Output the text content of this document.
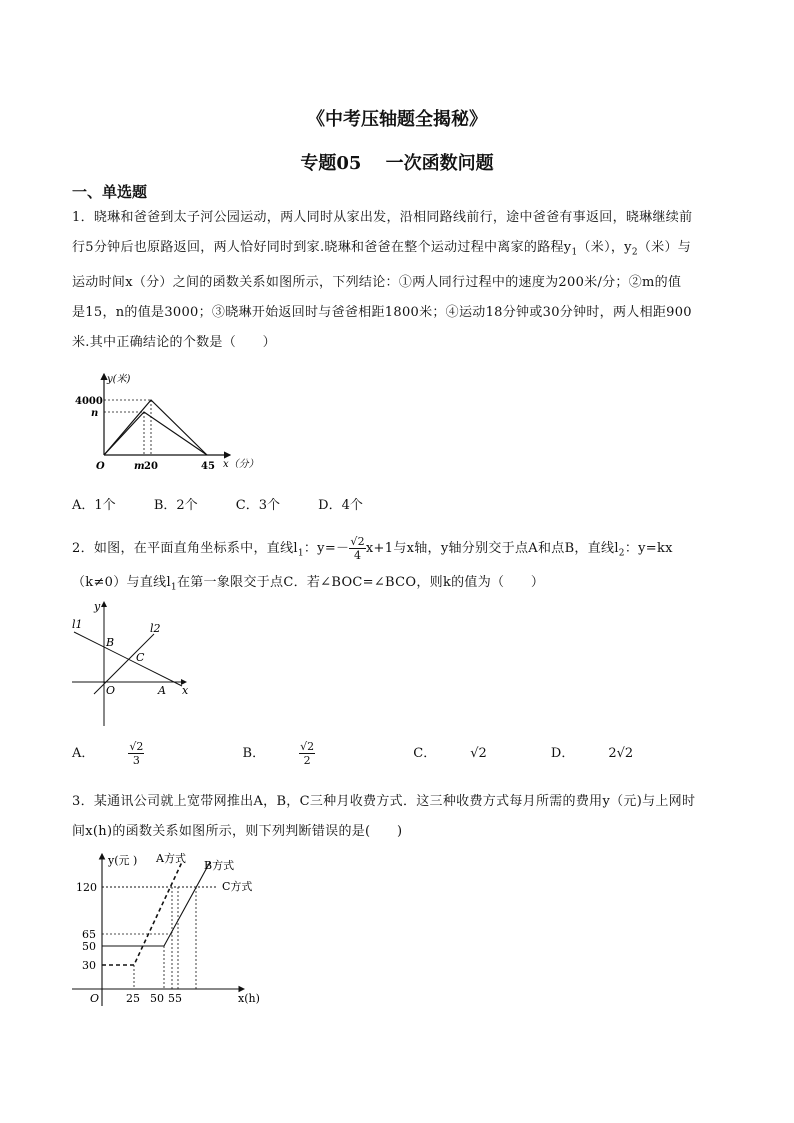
《中考压轴题全揭秘》
专题05　 一次函数问题
一、单选题
1．晓琳和爸爸到太子河公园运动，两人同时从家出发，沿相同路线前行，途中爸爸有事返回，晓琳继续前
行5分钟后也原路返回，两人恰好同时到家.晓琳和爸爸在整个运动过程中离家的路程$y_1$（米），$y_2$（米）与
运动时间x（分）之间的函数关系如图所示，下列结论：①两人同行过程中的速度为200米/分；②m的值
是15，n的值是3000；③晓琳开始返回时与爸爸相距1800米；④运动18分钟或30分钟时，两人相距900
米.其中正确结论的个数是（　　）
y(米)
4000
n
O	m 20	45 x（分）
A．1个	B．2个	C．3个	D．4个
2．如图，在平面直角坐标系中，直线$l_1$：$y=- \frac{√2}{4} x+1$与x轴，y轴分别交于点A和点B，直线$l_2$：y=kx
（k≠0）与直线$l_1$在第一象限交于点C．若∠BOC=∠BCO，则k的值为（　　）
y
x
l1	l2
B
C
O	A
A．	$\frac{√2}{3}$	B．	$\frac{√2}{2}$	C．	√2	D．	2√2
3．某通讯公司就上宽带网推出A，B，C三种月收费方式．这三种收费方式每月所需的费用y（元)与上网时
间x(h)的函数关系如图所示，则下列判断错误的是(　　)
y(元 ) A方式
B方式
C方式
120
65
50
30
O 25 50 55	x(h)
